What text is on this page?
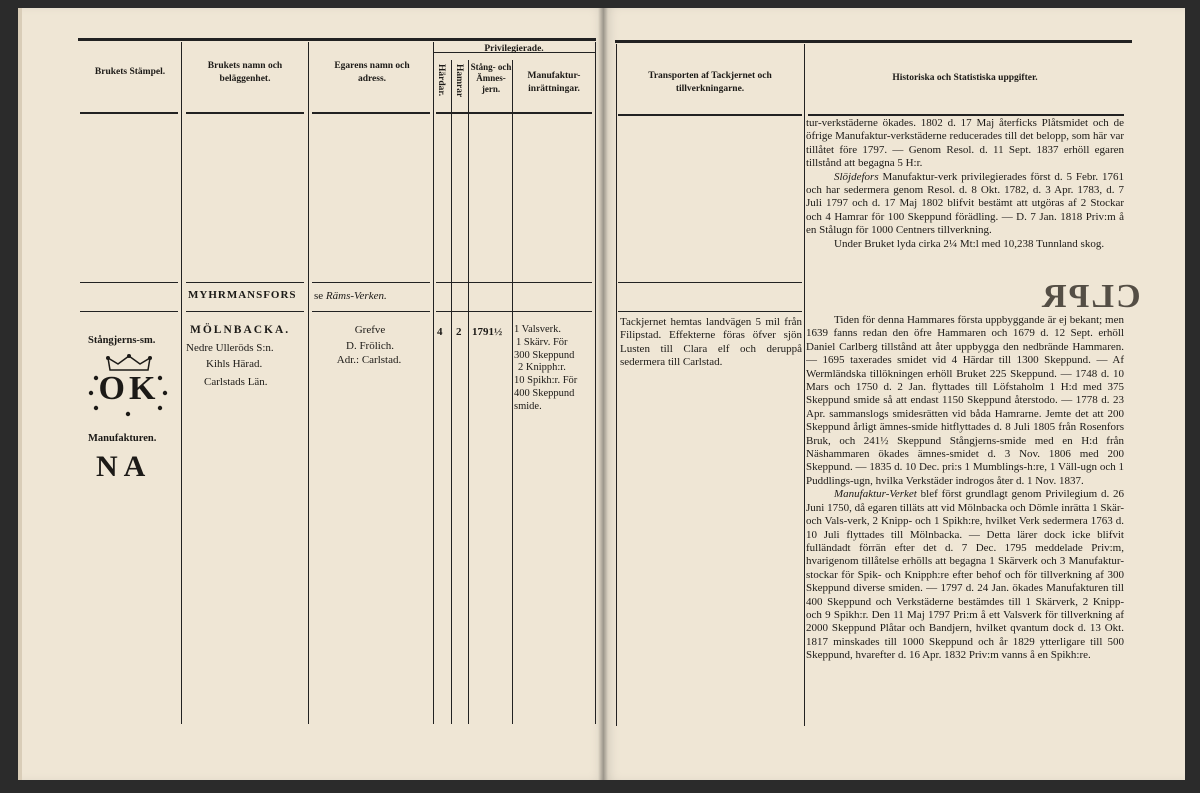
Brukets Stämpel.
Brukets namn och beläggenhet.
Egarens namn och adress.
Privilegierade.
Härdar. Hamrar Stång- och Ämnes- jern.
Manufaktur- inrättningar.
MYHRMANSFORS se Räms-Verken.
Stångjerns-sm.
OK
Manufakturen.
NA
MÖLNBACKA.
Nedre Ulleröds S:n.
Kihls Härad.
Carlstads Län.
Grefve
D. Frölich.
Adr.: Carlstad.
4 2 1791½ 1 Valsverk.
1 Skärv. För
300 Skeppund
2 Knipph:r.
10 Spikh:r. För
400 Skeppund
smide.
Transporten af Tackjernet och tillverkningarne.
Historiska och Statistiska uppgifter.
CLPR
Tackjernet hemtas landvägen 5 mil från Filipstad. Effekterne föras öfver sjön Lusten till Clara elf och deruppå sedermera till Carlstad.

tur-verkstäderne ökades. 1802 d. 17 Maj återficks Plåtsmidet och de öfrige Manufaktur-verkstäderne reducerades till det belopp, som här var tillåtet före 1797. — Genom Resol. d. 11 Sept. 1837 erhöll egaren tillstånd att begagna 5 H:r.

Slöjdefors Manufaktur-verk privilegierades först d. 5 Febr. 1761 och har sedermera genom Resol. d. 8 Okt. 1782, d. 3 Apr. 1783, d. 7 Juli 1797 och d. 17 Maj 1802 blifvit bestämt att utgöras af 2 Stockar och 4 Hamrar för 100 Skeppund förädling. — D. 7 Jan. 1818 Priv:m å en Stålugn för 1000 Centners tillverkning.

Under Bruket lyda cirka 2¼ Mt:l med 10,238 Tunnland skog.

Tiden för denna Hammares första uppbyggande är ej bekant; men 1639 fanns redan den öfre Hammaren och 1679 d. 12 Sept. erhöll Daniel Carlberg tillstånd att åter uppbygga den nedbrände Hammaren. — 1695 taxerades smidet vid 4 Härdar till 1300 Skeppund. — Af Wermländska tillökningen erhöll Bruket 225 Skeppund. — 1748 d. 10 Mars och 1750 d. 2 Jan. flyttades till Löfstaholm 1 H:d med 375 Skeppund smide så att endast 1150 Skeppund återstodo. — 1778 d. 23 Apr. sammanslogs smidesrätten vid båda Hamrarne. Jemte det att 200 Skeppund årligt ämnes-smide hitflyttades d. 8 Juli 1805 från Rosenfors Bruk, och 241½ Skeppund Stångjerns-smide med en H:d från Näshammaren ökades ämnes-smidet d. 3 Nov. 1806 med 200 Skeppund. — 1835 d. 10 Dec. pri:s 1 Mumblings-h:re, 1 Väll-ugn och 1 Puddlings-ugn, hvilka Verkstäder indrogos åter d. 1 Nov. 1837.

Manufaktur-Verket blef först grundlagt genom Privilegium d. 26 Juni 1750, då egaren tilläts att vid Mölnbacka och Dömle inrätta 1 Skär- och Vals-verk, 2 Knipp- och 1 Spikh:re, hvilket Verk sedermera 1763 d. 10 Juli flyttades till Mölnbacka. — Detta lärer dock icke blifvit fulländadt förrän efter det d. 7 Dec. 1795 meddelade Priv:m, hvarigenom tillåtelse erhölls att begagna 1 Skärverk och 3 Manufaktur-stockar för Spik- och Knipph:re efter behof och för tillverkning af 300 Skeppund diverse smiden. — 1797 d. 24 Jan. ökades Manufakturen till 400 Skeppund och Verkstäderne bestämdes till 1 Skärverk, 2 Knipp- och 9 Spikh:r. Den 11 Maj 1797 Pri:m å ett Valsverk för tillverkning af 2000 Skeppund Plåtar och Bandjern, hvilket qvantum dock d. 13 Okt. 1817 minskades till 1000 Skeppund och år 1829 ytterligare till 500 Skeppund, hvarefter d. 16 Apr. 1832 Priv:m vanns å en Spikh:re.
